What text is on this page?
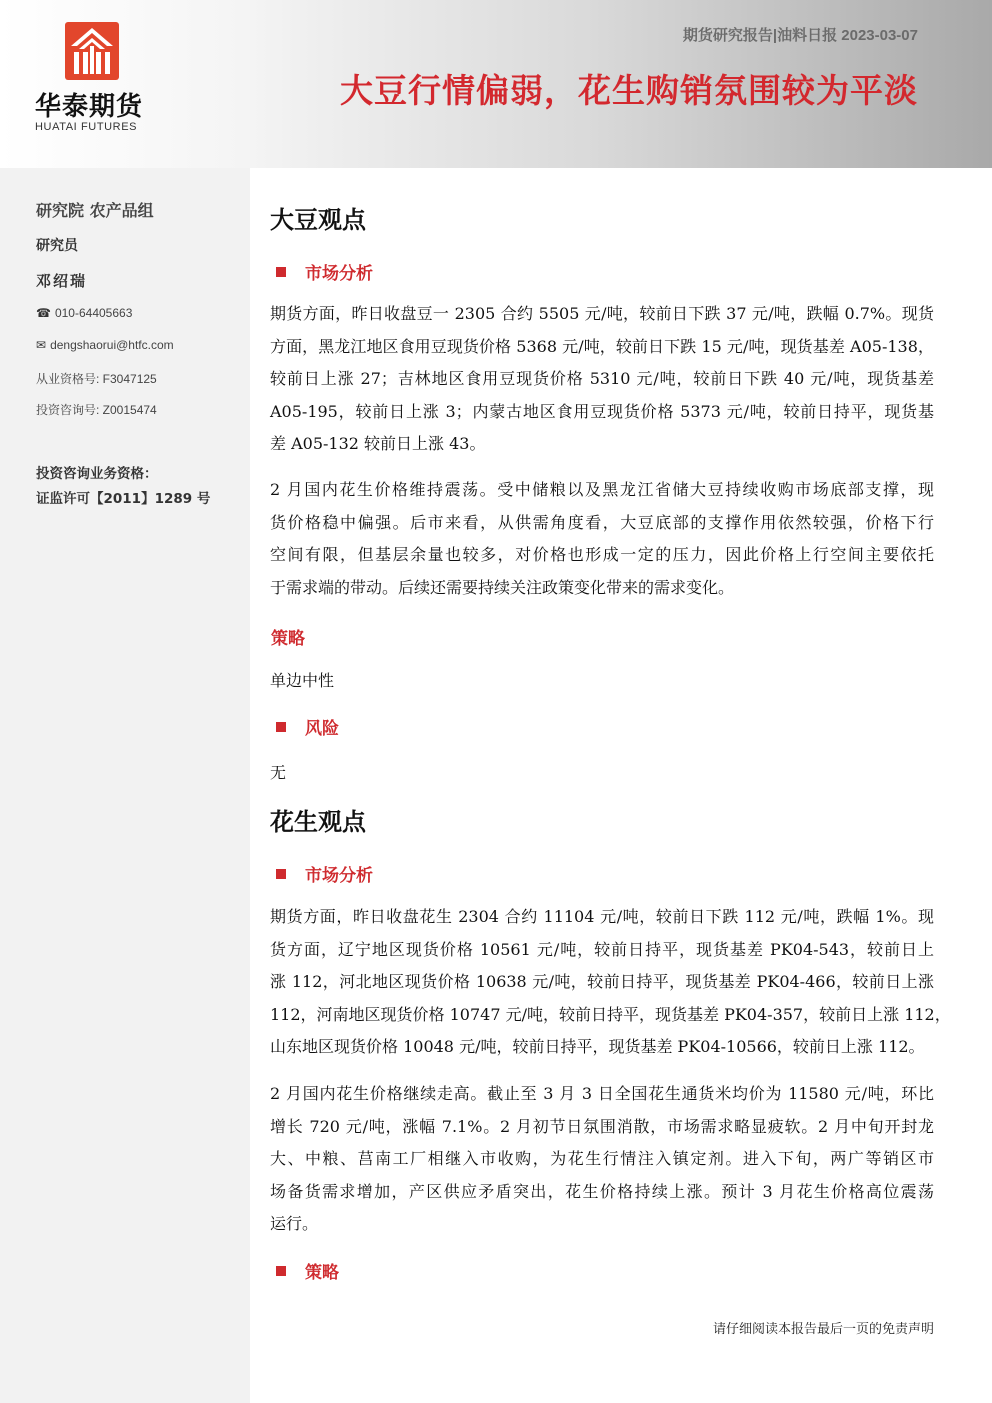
华泰期货
HUATAI FUTURES
期货研究报告|油料日报 2023-03-07
大豆行情偏弱，花生购销氛围较为平淡
研究院 农产品组
研究员
邓绍瑞
☎ 010-64405663
✉ dengshaorui@htfc.com
从业资格号: F3047125
投资咨询号: Z0015474
投资咨询业务资格：
证监许可【2011】1289 号
大豆观点
市场分析
期货方面，昨日收盘豆一 2305 合约 5505 元/吨，较前日下跌 37 元/吨，跌幅 0.7%。现货
方面，黑龙江地区食用豆现货价格 5368 元/吨，较前日下跌 15 元/吨，现货基差 A05-138，
较前日上涨 27；吉林地区食用豆现货价格 5310 元/吨，较前日下跌 40 元/吨，现货基差
A05-195，较前日上涨 3；内蒙古地区食用豆现货价格 5373 元/吨，较前日持平，现货基
差 A05-132 较前日上涨 43。
2 月国内花生价格维持震荡。受中储粮以及黑龙江省储大豆持续收购市场底部支撑，现
货价格稳中偏强。后市来看，从供需角度看，大豆底部的支撑作用依然较强，价格下行
空间有限，但基层余量也较多，对价格也形成一定的压力，因此价格上行空间主要依托
于需求端的带动。后续还需要持续关注政策变化带来的需求变化。
策略
单边中性
风险
无
花生观点
市场分析
期货方面，昨日收盘花生 2304 合约 11104 元/吨，较前日下跌 112 元/吨，跌幅 1%。现
货方面，辽宁地区现货价格 10561 元/吨，较前日持平，现货基差 PK04-543，较前日上
涨 112，河北地区现货价格 10638 元/吨，较前日持平，现货基差 PK04-466，较前日上涨
112，河南地区现货价格 10747 元/吨，较前日持平，现货基差 PK04-357，较前日上涨 112，
山东地区现货价格 10048 元/吨，较前日持平，现货基差 PK04-10566，较前日上涨 112。
2 月国内花生价格继续走高。截止至 3 月 3 日全国花生通货米均价为 11580 元/吨，环比
增长 720 元/吨，涨幅 7.1%。2 月初节日氛围消散，市场需求略显疲软。2 月中旬开封龙
大、中粮、莒南工厂相继入市收购，为花生行情注入镇定剂。进入下旬，两广等销区市
场备货需求增加，产区供应矛盾突出，花生价格持续上涨。预计 3 月花生价格高位震荡
运行。
策略
请仔细阅读本报告最后一页的免责声明
